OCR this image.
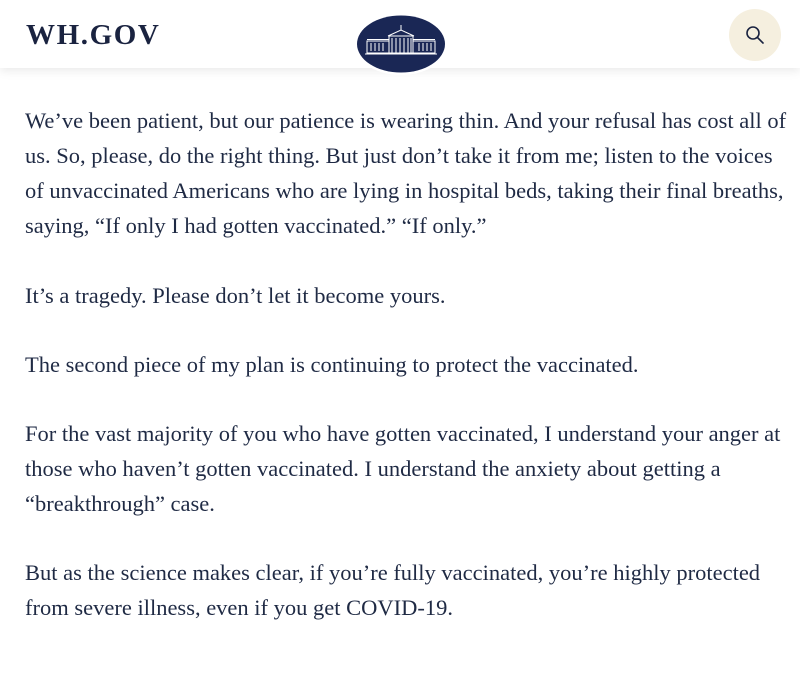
WH.GOV

We’ve been patient, but our patience is wearing thin. And your refusal has cost all of us. So, please, do the right thing. But just don’t take it from me; listen to the voices of unvaccinated Americans who are lying in hospital beds, taking their final breaths, saying, “If only I had gotten vaccinated.” “If only.”

It’s a tragedy. Please don’t let it become yours.

The second piece of my plan is continuing to protect the vaccinated.

For the vast majority of you who have gotten vaccinated, I understand your anger at those who haven’t gotten vaccinated. I understand the anxiety about getting a “breakthrough” case.

But as the science makes clear, if you’re fully vaccinated, you’re highly protected from severe illness, even if you get COVID-19.
